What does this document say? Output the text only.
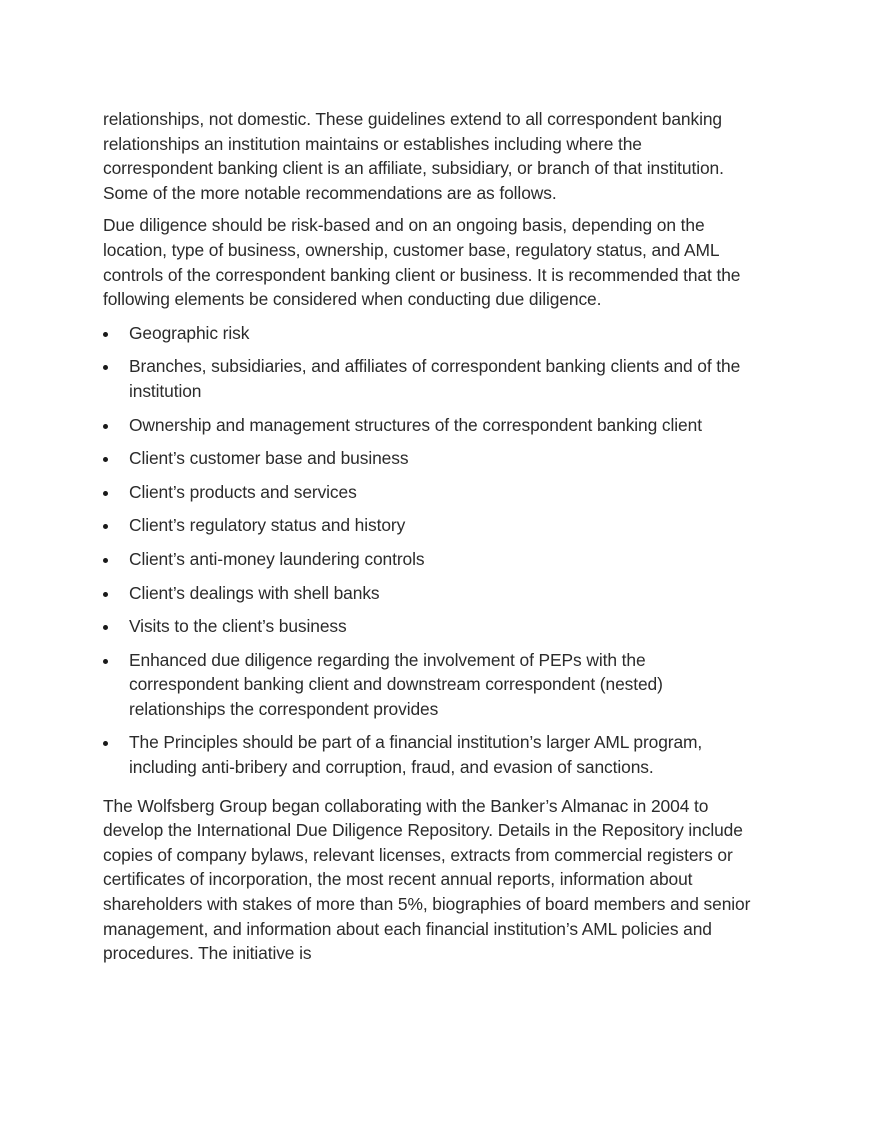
relationships, not domestic. These guidelines extend to all correspondent banking relationships an institution maintains or establishes including where the correspondent banking client is an affiliate, subsidiary, or branch of that institution. Some of the more notable recommendations are as follows.

Due diligence should be risk-based and on an ongoing basis, depending on the location, type of business, ownership, customer base, regulatory status, and AML controls of the correspondent banking client or business. It is recommended that the following elements be considered when conducting due diligence.

Geographic risk
Branches, subsidiaries, and affiliates of correspondent banking clients and of the institution
Ownership and management structures of the correspondent banking client
Client’s customer base and business
Client’s products and services
Client’s regulatory status and history
Client’s anti-money laundering controls
Client’s dealings with shell banks
Visits to the client’s business
Enhanced due diligence regarding the involvement of PEPs with the correspondent banking client and downstream correspondent (nested) relationships the correspondent provides
The Principles should be part of a financial institution’s larger AML program, including anti-bribery and corruption, fraud, and evasion of sanctions.

The Wolfsberg Group began collaborating with the Banker’s Almanac in 2004 to develop the International Due Diligence Repository. Details in the Repository include copies of company bylaws, relevant licenses, extracts from commercial registers or certificates of incorporation, the most recent annual reports, information about shareholders with stakes of more than 5%, biographies of board members and senior management, and information about each financial institution’s AML policies and procedures. The initiative is
